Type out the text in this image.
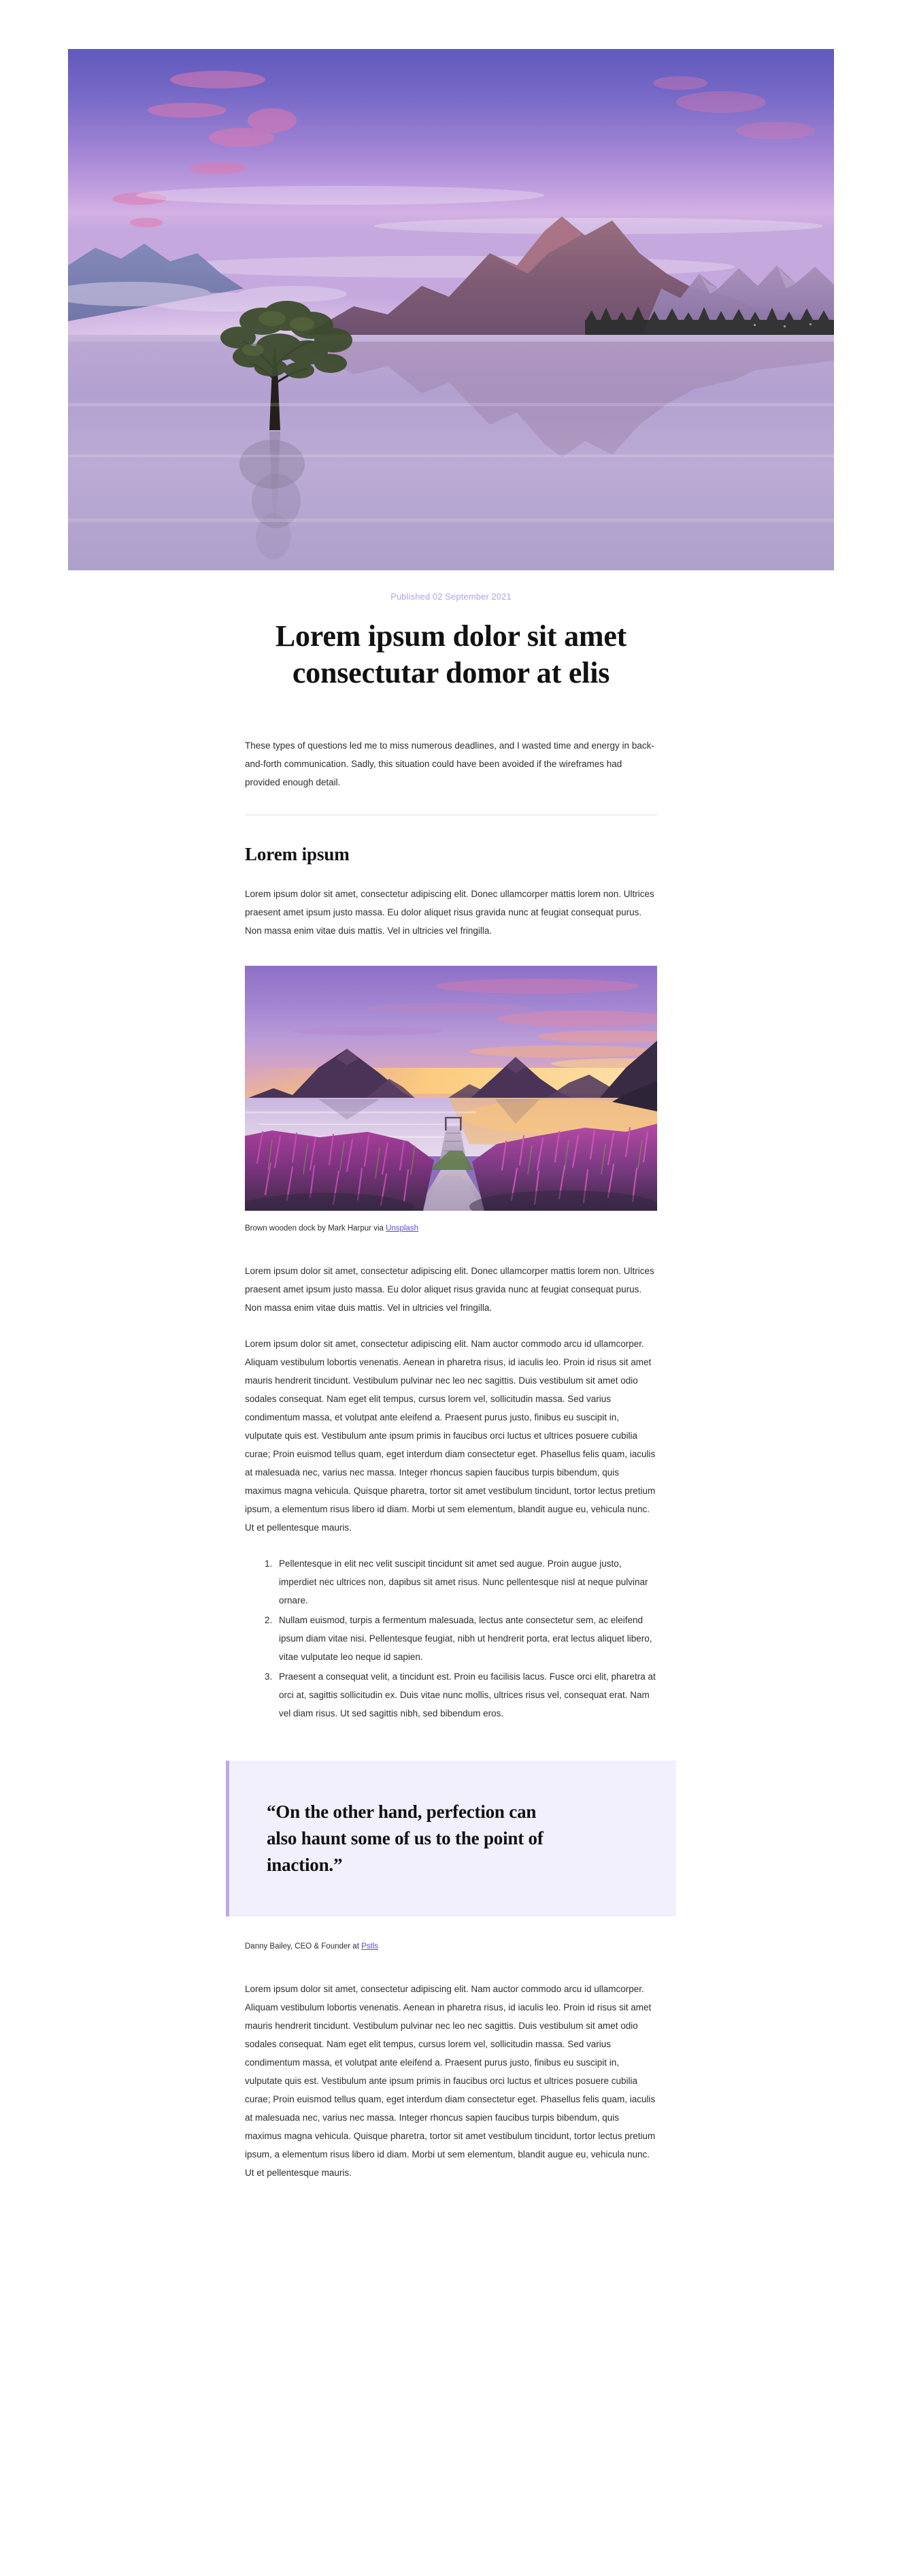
Published 02 September 2021

Lorem ipsum dolor sit amet consectutar domor at elis

These types of questions led me to miss numerous deadlines, and I wasted time and energy in back-and-forth communication. Sadly, this situation could have been avoided if the wireframes had provided enough detail.

Lorem ipsum

Lorem ipsum dolor sit amet, consectetur adipiscing elit. Donec ullamcorper mattis lorem non. Ultrices praesent amet ipsum justo massa. Eu dolor aliquet risus gravida nunc at feugiat consequat purus. Non massa enim vitae duis mattis. Vel in ultricies vel fringilla.

Brown wooden dock by Mark Harpur via Unsplash

Lorem ipsum dolor sit amet, consectetur adipiscing elit. Donec ullamcorper mattis lorem non. Ultrices praesent amet ipsum justo massa. Eu dolor aliquet risus gravida nunc at feugiat consequat purus. Non massa enim vitae duis mattis. Vel in ultricies vel fringilla.

Lorem ipsum dolor sit amet, consectetur adipiscing elit. Nam auctor commodo arcu id ullamcorper. Aliquam vestibulum lobortis venenatis. Aenean in pharetra risus, id iaculis leo. Proin id risus sit amet mauris hendrerit tincidunt. Vestibulum pulvinar nec leo nec sagittis. Duis vestibulum sit amet odio sodales consequat. Nam eget elit tempus, cursus lorem vel, sollicitudin massa. Sed varius condimentum massa, et volutpat ante eleifend a. Praesent purus justo, finibus eu suscipit in, vulputate quis est. Vestibulum ante ipsum primis in faucibus orci luctus et ultrices posuere cubilia curae; Proin euismod tellus quam, eget interdum diam consectetur eget. Phasellus felis quam, iaculis at malesuada nec, varius nec massa. Integer rhoncus sapien faucibus turpis bibendum, quis maximus magna vehicula. Quisque pharetra, tortor sit amet vestibulum tincidunt, tortor lectus pretium ipsum, a elementum risus libero id diam. Morbi ut sem elementum, blandit augue eu, vehicula nunc. Ut et pellentesque mauris.

1. Pellentesque in elit nec velit suscipit tincidunt sit amet sed augue. Proin augue justo, imperdiet nec ultrices non, dapibus sit amet risus. Nunc pellentesque nisl at neque pulvinar ornare.
2. Nullam euismod, turpis a fermentum malesuada, lectus ante consectetur sem, ac eleifend ipsum diam vitae nisi. Pellentesque feugiat, nibh ut hendrerit porta, erat lectus aliquet libero, vitae vulputate leo neque id sapien.
3. Praesent a consequat velit, a tincidunt est. Proin eu facilisis lacus. Fusce orci elit, pharetra at orci at, sagittis sollicitudin ex. Duis vitae nunc mollis, ultrices risus vel, consequat erat. Nam vel diam risus. Ut sed sagittis nibh, sed bibendum eros.

“On the other hand, perfection can also haunt some of us to the point of inaction.”

Danny Bailey, CEO & Founder at Pstls

Lorem ipsum dolor sit amet, consectetur adipiscing elit. Nam auctor commodo arcu id ullamcorper. Aliquam vestibulum lobortis venenatis. Aenean in pharetra risus, id iaculis leo. Proin id risus sit amet mauris hendrerit tincidunt. Vestibulum pulvinar nec leo nec sagittis. Duis vestibulum sit amet odio sodales consequat. Nam eget elit tempus, cursus lorem vel, sollicitudin massa. Sed varius condimentum massa, et volutpat ante eleifend a. Praesent purus justo, finibus eu suscipit in, vulputate quis est. Vestibulum ante ipsum primis in faucibus orci luctus et ultrices posuere cubilia curae; Proin euismod tellus quam, eget interdum diam consectetur eget. Phasellus felis quam, iaculis at malesuada nec, varius nec massa. Integer rhoncus sapien faucibus turpis bibendum, quis maximus magna vehicula. Quisque pharetra, tortor sit amet vestibulum tincidunt, tortor lectus pretium ipsum, a elementum risus libero id diam. Morbi ut sem elementum, blandit augue eu, vehicula nunc. Ut et pellentesque mauris.
